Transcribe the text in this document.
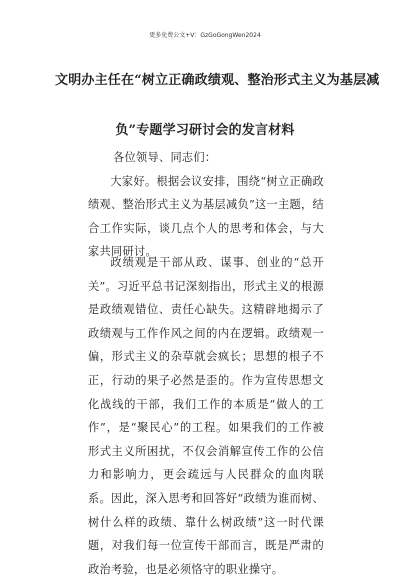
更多免费公文+V：GzGoGongWen2024
文明办主任在“树立正确政绩观、整治形式主义为基层减
负”专题学习研讨会的发言材料
各位领导、同志们：

大家好。根据会议安排，围绕“树立正确政绩观、整治形式主义为基层减负”这一主题，结合工作实际，谈几点个人的思考和体会，与大家共同研讨。

政绩观是干部从政、谋事、创业的“总开关”。习近平总书记深刻指出，形式主义的根源是政绩观错位、责任心缺失。这精辟地揭示了政绩观与工作作风之间的内在逻辑。政绩观一偏，形式主义的杂草就会疯长；思想的根子不正，行动的果子必然是歪的。作为宣传思想文化战线的干部，我们工作的本质是“做人的工作”，是“聚民心”的工程。如果我们的工作被形式主义所困扰，不仅会消解宣传工作的公信力和影响力，更会疏远与人民群众的血肉联系。因此，深入思考和回答好“政绩为谁而树、树什么样的政绩、靠什么树政绩”这一时代课题，对我们每一位宣传干部而言，既是严肃的政治考验，也是必须恪守的职业操守。
